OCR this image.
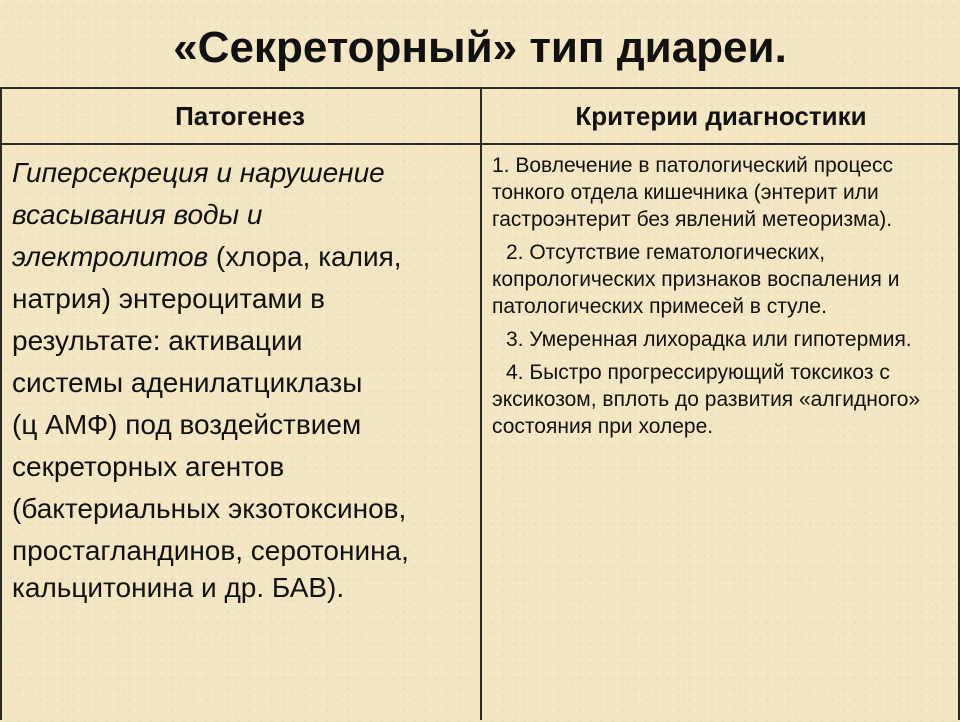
«Секреторный» тип диареи.
Патогенез	Критерии диагностики
Гиперсекреция и нарушение
всасывания воды и
электролитов (хлора, калия,
натрия) энтероцитами в
результате: активации
системы аденилатциклазы
(ц АМФ) под воздействием
секреторных агентов
(бактериальных экзотоксинов,
простагландинов, серотонина,
кальцитонина и др. БАВ).

1. Вовлечение в патологический процесс тонкого отдела кишечника (энтерит или гастроэнтерит без явлений метеоризма).

2. Отсутствие гематологических, копрологических признаков воспаления и патологических примесей в стуле.

3. Умеренная лихорадка или гипотермия.

4. Быстро прогрессирующий токсикоз с эксикозом, вплоть до развития «алгидного» состояния при холере.
